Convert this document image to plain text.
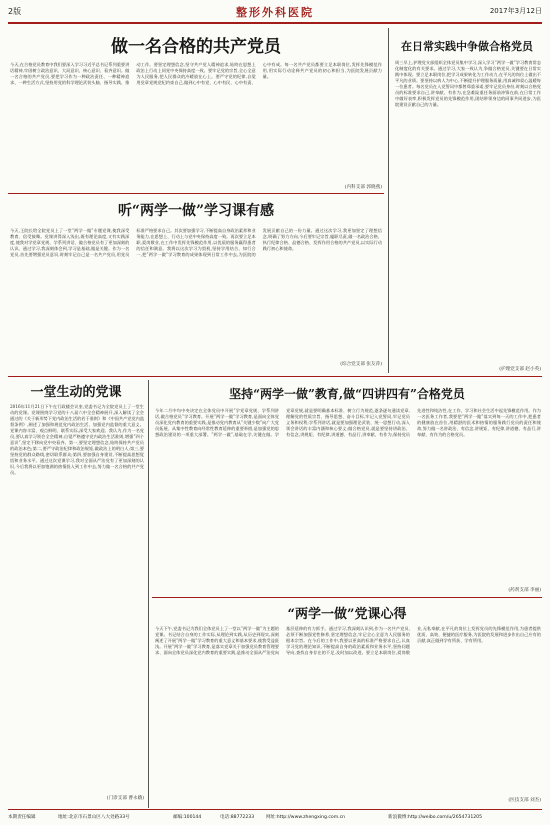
2版	整形外科医院	2017年3月12日
做一名合格的共产党员
今天,在合格党员教育中我们要深入学习习近平总书记系列重要讲话精神,牢固树立政治意识、大局意识、核心意识、看齐意识。做一名合格的共产党员,要把学习作为一种政治责任、一种精神追求、一种生活方式,坚持用党的科学理论武装头脑、指导实践、推动工作。要坚定理想信念,坚守共产党人精神追求,始终在思想上政治上行动上同党中央保持高度一致。要牢记党的宗旨,全心全意为人民服务,把人民群众的冷暖放在心上。要严守党的纪律,自觉用党章党规党纪约束自己,做到心中有党、心中有民、心中有责、心中有戒。每一名共产党员都要立足本职岗位,发挥先锋模范作用,用实际行动诠释共产党员的初心和担当,为医院发展贡献力量。
(内科支部 郭晓燕)
在日常实践中争做合格党员
周三早上,护理党支部组织全体党员集中学习,深入学习“两学一做”学习教育常态化制度化的有关要求。通过学习,大家一致认为,争做合格党员,关键要在日常实践中体现。要立足本职岗位,把学习成果转化为工作动力,在平凡的岗位上做出不平凡的业绩。要坚持以病人为中心,不断提升护理服务质量,用真诚和爱心温暖每一位患者。每名党员在入党誓词中都曾郑重承诺,要牢记党员身份,时刻以合格党员的标准要求自己,讲奉献、有作为,在急难险重任务面前冲锋在前,在日常工作中做好表率,积极发挥党员的先锋模范作用,团结带领身边的同事共同进步,为医院建设贡献自己的力量。
(护理党支部 赵小英)
听“两学一做”学习课有感
今天,王院长给全院党员上了一堂“两学一做”专题党课,使我深受教育、倍受鼓舞。党课讲得深入浅出,既有理论高度,又有实践深度,使我对学党章党规、学系列讲话、做合格党员有了更加深刻的认识。通过学习,我深刻体会到,学习是基础,做是关键。作为一名党员,首先要增强党员意识,时刻牢记自己是一名共产党员,用党员标准严格要求自己。其次要加强学习,不断提高自身政治素养和业务能力,在思想上、行动上与党中央保持高度一致。再次要立足本职,爱岗敬业,在工作中发挥先锋模范作用,以优质的服务赢得患者的信任和满意。我将以这次学习为契机,坚持学用结合、知行合一,把“两学一做”学习教育的成果体现到日常工作中去,为医院的发展贡献自己的一份力量。通过这次学习,我更加坚定了理想信念,明确了努力方向,今后要牢记宗旨,履职尽责,做一名政治合格、执行纪律合格、品德合格、发挥作用合格的共产党员,以实际行动践行初心和使命。
(综合党支部 张友萍)
一堂生动的党课
2016年11月21日下午在行政楼会议室,党委书记为全院党员上了一堂生动的党课。党课围绕学习党的十八届六中全会精神展开,深入解读了全会通过的《关于新形势下党内政治生活的若干准则》和《中国共产党党内监督条例》,阐述了加强和规范党内政治生活、加强党内监督的重大意义。党课内容丰富、观点鲜明、联系实际,深受大家欢迎。我认为,作为一名党员,要认真学习领会全会精神,自觉严格遵守党内政治生活准则,增强“四个意识”,坚定不移向党中央看齐。第一,要坚定理想信念,始终保持共产党员的政治本色;第二,要严守政治纪律和政治规矩,做政治上的明白人;第三,要坚持党的群众路线,密切联系群众;第四,要加强自身建设,不断提高思想觉悟和业务水平。通过这次党课学习,我对全面从严治党有了更加深刻的认识,今后我将以更加饱满的热情投入到工作中去,努力做一名合格的共产党员。
(门诊支部 曹永娥)
坚持“两学一做”教育,做“四讲四有”合格党员
今年二月中旬中央决定在全体党员中开展“学党章党规、学系列讲话,做合格党员”学习教育。开展“两学一做”学习教育,是面向全体党员深化党内教育的重要实践,是推动党内教育从“关键少数”向广大党员拓展、从集中性教育向经常性教育延伸的重要举措,是加强党的思想政治建设的一项重大部署。“两学一做”,基础在学,关键在做。学党章党规,就是要明确基本标准、树立行为规范,逐条逐句通读党章,理解党的性质宗旨、指导思想、奋斗目标,牢记入党誓词,牢记党员义务和权利;学系列讲话,就是要加强理论武装、统一思想行动,深入领会讲话的丰富内涵和核心要义;做合格党员,就是要坚持讲政治、有信念,讲规矩、有纪律,讲道德、有品行,讲奉献、有作为,保持党员先进性和纯洁性,在工作、学习和社会生活中起先锋模范作用。作为一名医务工作者,我要把“两学一做”落实到每一天的工作中,把患者的健康放在首位,用精湛的医术和热情的服务践行党员的责任和使命,努力做一名讲政治、有信念,讲规矩、有纪律,讲道德、有品行,讲奉献、有作为的合格党员。
(药剂支部 李丽)
“两学一做”党课心得
今天下午,党委书记为我们全体党员上了一堂以“两学一做”为主题的党课。书记结合自身的工作实际,从理论到实践,从历史到现实,深刻阐述了开展“两学一做”学习教育的重大意义和基本要求,使我受益匪浅。开展“两学一做”学习教育,是落实党章关于加强党员教育管理要求、面向全体党员深化党内教育的重要实践,是推动全面从严治党向基层延伸的有力抓手。通过学习,我深刻认识到,作为一名共产党员,必须不断加强党性修养,坚定理想信念,牢记全心全意为人民服务的根本宗旨。在今后的工作中,我要以更高的标准严格要求自己,认真学习党的理论知识,不断提高自身的政治素质和业务水平,坚持问题导向,查找自身存在的不足,及时加以改进。要立足本职岗位,爱岗敬业,无私奉献,在平凡的岗位上发挥党员的先锋模范作用,为患者提供优质、高效、便捷的医疗服务,为医院的发展和进步作出自己应有的贡献,真正做到学有所获、学有所用。
(医技支部 刘杰)
本期责任编辑	地址:北京市石景山区八大处路33号	邮编:100144	电话:88772233	网址:http://www.zhengxing.com.cn	新浪微博:http://weibo.com/u/2654731205
